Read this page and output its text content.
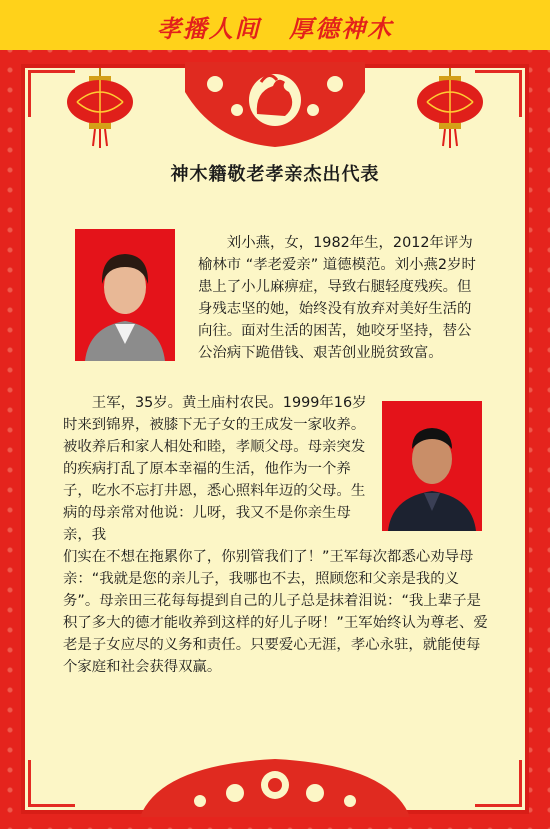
孝播人间 厚德神木
神木籍敬老孝亲杰出代表

刘小燕，女，1982年生，2012年评为榆林市 “孝老爱亲” 道德模范。刘小燕2岁时患上了小儿麻痹症，导致右腿轻度残疾。但身残志坚的她，始终没有放弃对美好生活的向往。面对生活的困苦，她咬牙坚持，替公公治病下跪借钱、艰苦创业脱贫致富。

王军，35岁。黄土庙村农民。1999年16岁时来到锦界，被膝下无子女的王成发一家收养。被收养后和家人相处和睦，孝顺父母。母亲突发的疾病打乱了原本幸福的生活，他作为一个养子，吃水不忘打井恩，悉心照料年迈的父母。生病的母亲常对他说：儿呀，我又不是你亲生母亲，我

们实在不想在拖累你了，你别管我们了！”王军每次都悉心劝导母亲：“我就是您的亲儿子，我哪也不去，照顾您和父亲是我的义务”。母亲田三花每每提到自己的儿子总是抹着泪说：“我上辈子是积了多大的德才能收养到这样的好儿子呀！”王军始终认为尊老、爱老是子女应尽的义务和责任。只要爱心无涯，孝心永驻，就能使每个家庭和社会获得双赢。
